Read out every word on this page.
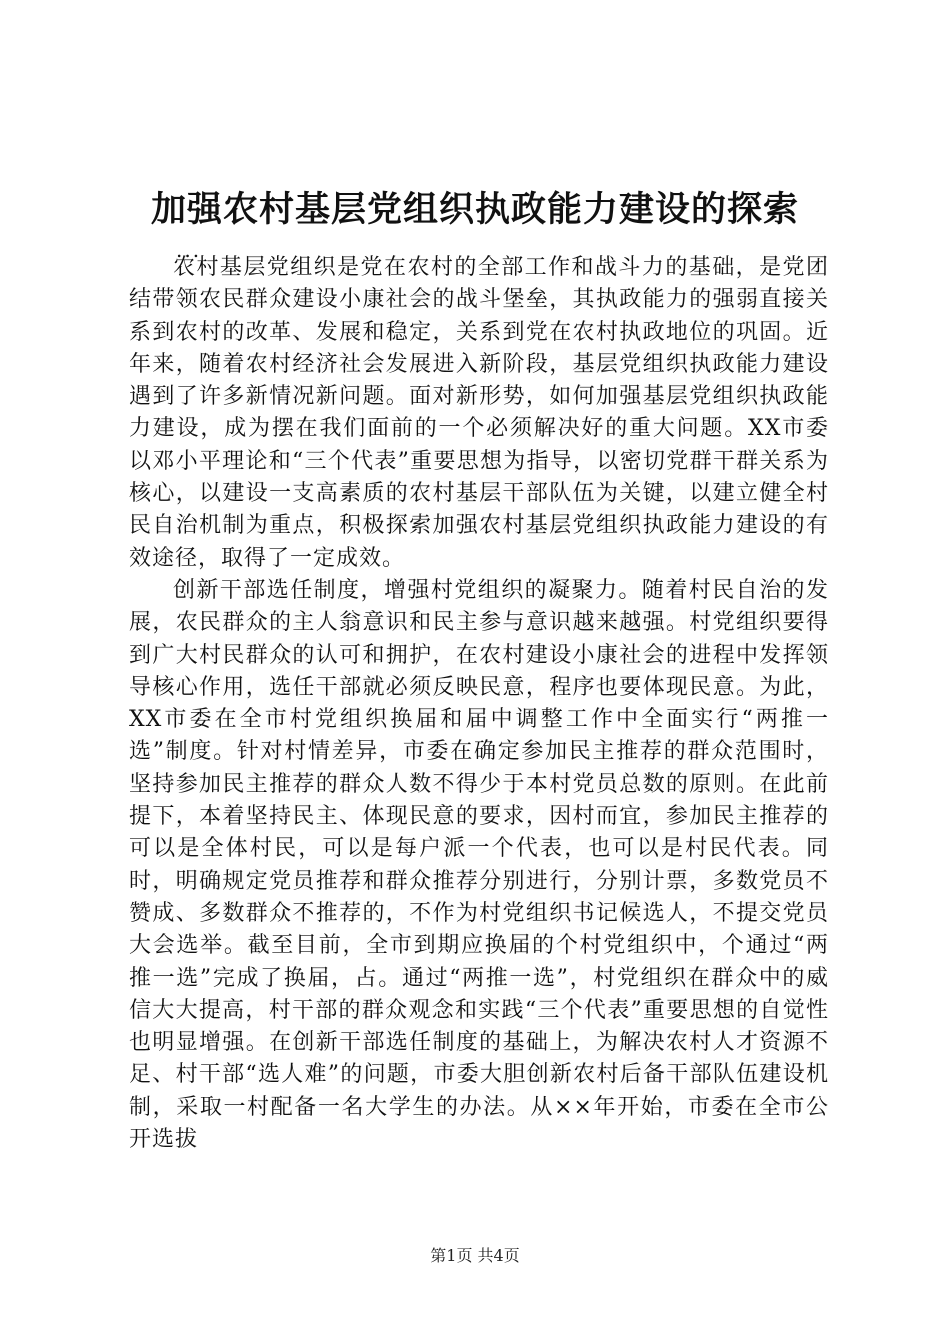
加强农村基层党组织执政能力建设的探索
...

农村基层党组织是党在农村的全部工作和战斗力的基础，是党团结带领农民群众建设小康社会的战斗堡垒，其执政能力的强弱直接关系到农村的改革、发展和稳定，关系到党在农村执政地位的巩固。近年来，随着农村经济社会发展进入新阶段，基层党组织执政能力建设遇到了许多新情况新问题。面对新形势，如何加强基层党组织执政能力建设，成为摆在我们面前的一个必须解决好的重大问题。XX市委以邓小平理论和“三个代表”重要思想为指导，以密切党群干群关系为核心，以建设一支高素质的农村基层干部队伍为关键，以建立健全村民自治机制为重点，积极探索加强农村基层党组织执政能力建设的有效途径，取得了一定成效。

创新干部选任制度，增强村党组织的凝聚力。随着村民自治的发展，农民群众的主人翁意识和民主参与意识越来越强。村党组织要得到广大村民群众的认可和拥护，在农村建设小康社会的进程中发挥领导核心作用，选任干部就必须反映民意，程序也要体现民意。为此，XX市委在全市村党组织换届和届中调整工作中全面实行“两推一选”制度。针对村情差异，市委在确定参加民主推荐的群众范围时，坚持参加民主推荐的群众人数不得少于本村党员总数的原则。在此前提下，本着坚持民主、体现民意的要求，因村而宜，参加民主推荐的可以是全体村民，可以是每户派一个代表，也可以是村民代表。同时，明确规定党员推荐和群众推荐分别进行，分别计票，多数党员不赞成、多数群众不推荐的，不作为村党组织书记候选人，不提交党员大会选举。截至目前，全市到期应换届的个村党组织中，个通过“两推一选”完成了换届，占。通过“两推一选”，村党组织在群众中的威信大大提高，村干部的群众观念和实践“三个代表”重要思想的自觉性也明显增强。在创新干部选任制度的基础上，为解决农村人才资源不足、村干部“选人难”的问题，市委大胆创新农村后备干部队伍建设机制，采取一村配备一名大学生的办法。从××年开始，市委在全市公开选拔

第1页 共4页
